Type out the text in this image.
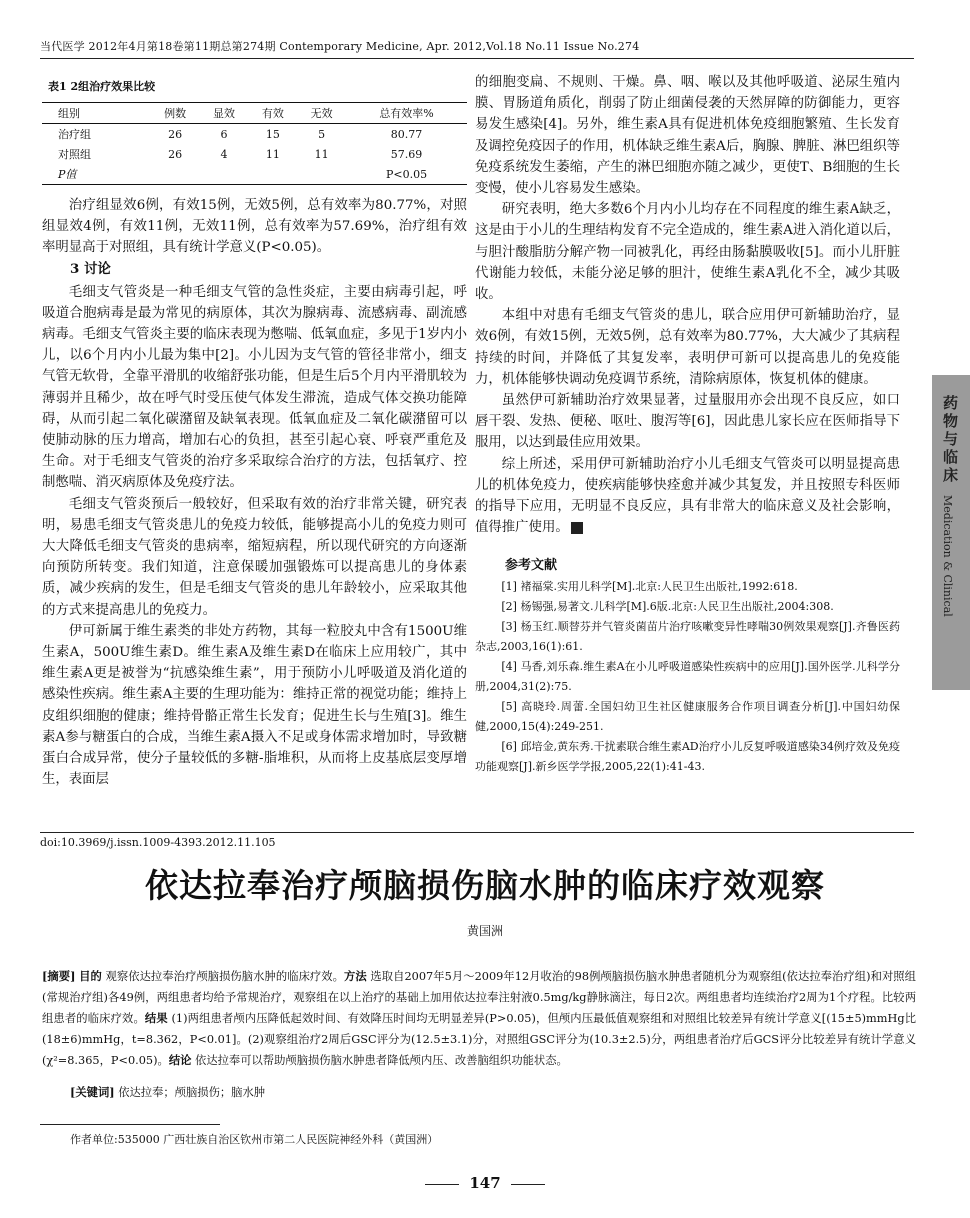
当代医学 2012年4月第18卷第11期总第274期 Contemporary Medicine, Apr. 2012,Vol.18 No.11 Issue No.274
表1 2组治疗效果比较
组别	例数	显效	有效	无效	总有效率%
治疗组	26	6	15	5	80.77
对照组	26	4	11	11	57.69
P值					P<0.05

治疗组显效6例，有效15例，无效5例，总有效率为80.77%，对照组显效4例，有效11例，无效11例，总有效率为57.69%，治疗组有效率明显高于对照组，具有统计学意义(P<0.05)。

3 讨论

毛细支气管炎是一种毛细支气管的急性炎症，主要由病毒引起，呼吸道合胞病毒是最为常见的病原体，其次为腺病毒、流感病毒、副流感病毒。毛细支气管炎主要的临床表现为憋喘、低氧血症，多见于1岁内小儿，以6个月内小儿最为集中[2]。小儿因为支气管的管径非常小，细支气管无软骨，全靠平滑肌的收缩舒张功能，但是生后5个月内平滑肌较为薄弱并且稀少，故在呼气时受压使气体发生滞流，造成气体交换功能障碍，从而引起二氧化碳潴留及缺氧表现。低氧血症及二氧化碳潴留可以使肺动脉的压力增高，增加右心的负担，甚至引起心衰、呼衰严重危及生命。对于毛细支气管炎的治疗多采取综合治疗的方法，包括氧疗、控制憋喘、消灭病原体及免疫疗法。

毛细支气管炎预后一般较好，但采取有效的治疗非常关键，研究表明，易患毛细支气管炎患儿的免疫力较低，能够提高小儿的免疫力则可大大降低毛细支气管炎的患病率，缩短病程，所以现代研究的方向逐渐向预防所转变。我们知道，注意保暖加强锻炼可以提高患儿的身体素质，减少疾病的发生，但是毛细支气管炎的患儿年龄较小，应采取其他的方式来提高患儿的免疫力。

伊可新属于维生素类的非处方药物，其每一粒胶丸中含有1500U维生素A，500U维生素D。维生素A及维生素D在临床上应用较广，其中维生素A更是被誉为“抗感染维生素”，用于预防小儿呼吸道及消化道的感染性疾病。维生素A主要的生理功能为：维持正常的视觉功能；维持上皮组织细胞的健康；维持骨骼正常生长发育；促进生长与生殖[3]。维生素A参与糖蛋白的合成，当维生素A摄入不足或身体需求增加时，导致糖蛋白合成异常，使分子量较低的多糖-脂堆积，从而将上皮基底层变厚增生，表面层

的细胞变扁、不规则、干燥。鼻、咽、喉以及其他呼吸道、泌尿生殖内膜、胃肠道角质化，削弱了防止细菌侵袭的天然屏障的防御能力，更容易发生感染[4]。另外，维生素A具有促进机体免疫细胞繁殖、生长发育及调控免疫因子的作用，机体缺乏维生素A后，胸腺、脾脏、淋巴组织等免疫系统发生萎缩，产生的淋巴细胞亦随之减少，更使T、B细胞的生长变慢，使小儿容易发生感染。

研究表明，绝大多数6个月内小儿均存在不同程度的维生素A缺乏，这是由于小儿的生理结构发育不完全造成的，维生素A进入消化道以后，与胆汁酸脂肪分解产物一同被乳化，再经由肠黏膜吸收[5]。而小儿肝脏代谢能力较低，未能分泌足够的胆汁，使维生素A乳化不全，减少其吸收。

本组中对患有毛细支气管炎的患儿，联合应用伊可新辅助治疗，显效6例，有效15例，无效5例，总有效率为80.77%，大大减少了其病程持续的时间，并降低了其复发率，表明伊可新可以提高患儿的免疫能力，机体能够快调动免疫调节系统，清除病原体，恢复机体的健康。

虽然伊可新辅助治疗效果显著，过量服用亦会出现不良反应，如口唇干裂、发热、便秘、呕吐、腹泻等[6]，因此患儿家长应在医师指导下服用，以达到最佳应用效果。

综上所述，采用伊可新辅助治疗小儿毛细支气管炎可以明显提高患儿的机体免疫力，使疾病能够快痊愈并减少其复发，并且按照专科医师的指导下应用，无明显不良反应，具有非常大的临床意义及社会影响，值得推广使用。

参考文献

[1] 褚福棠.实用儿科学[M].北京:人民卫生出版社,1992:618.

[2] 杨锡强,易著文.儿科学[M].6版.北京:人民卫生出版社,2004:308.

[3] 杨玉红.顺替芬并气管炎菌苗片治疗咳嗽变异性哮喘30例效果观察[J].齐鲁医药杂志,2003,16(1):61.

[4] 马香,刘乐森.维生素A在小儿呼吸道感染性疾病中的应用[J].国外医学.儿科学分册,2004,31(2):75.

[5] 高晓玲.周蕾.全国妇幼卫生社区健康服务合作项目调查分析[J].中国妇幼保健,2000,15(4):249-251.

[6] 邱培金,黄东秀.干扰素联合维生素AD治疗小儿反复呼吸道感染34例疗效及免疫功能观察[J].新乡医学学报,2005,22(1):41-43.

药物与临床
Medication & Clinical
doi:10.3969/j.issn.1009-4393.2012.11.105
依达拉奉治疗颅脑损伤脑水肿的临床疗效观察
黄国洲
[摘要] 目的 观察依达拉奉治疗颅脑损伤脑水肿的临床疗效。方法 选取自2007年5月～2009年12月收治的98例颅脑损伤脑水肿患者随机分为观察组(依达拉奉治疗组)和对照组(常规治疗组)各49例，两组患者均给予常规治疗，观察组在以上治疗的基础上加用依达拉奉注射液0.5mg/kg静脉滴注，每日2次。两组患者均连续治疗2周为1个疗程。比较两组患者的临床疗效。结果 (1)两组患者颅内压降低起效时间、有效降压时间均无明显差异(P>0.05)，但颅内压最低值观察组和对照组比较差异有统计学意义[(15±5)mmHg比(18±6)mmHg，t=8.362，P<0.01]。(2)观察组治疗2周后GSC评分为(12.5±3.1)分，对照组GSC评分为(10.3±2.5)分，两组患者治疗后GCS评分比较差异有统计学意义(χ²=8.365，P<0.05)。结论 依达拉奉可以帮助颅脑损伤脑水肿患者降低颅内压、改善脑组织功能状态。
[关键词] 依达拉奉；颅脑损伤；脑水肿
作者单位:535000 广西壮族自治区钦州市第二人民医院神经外科（黄国洲）
147
